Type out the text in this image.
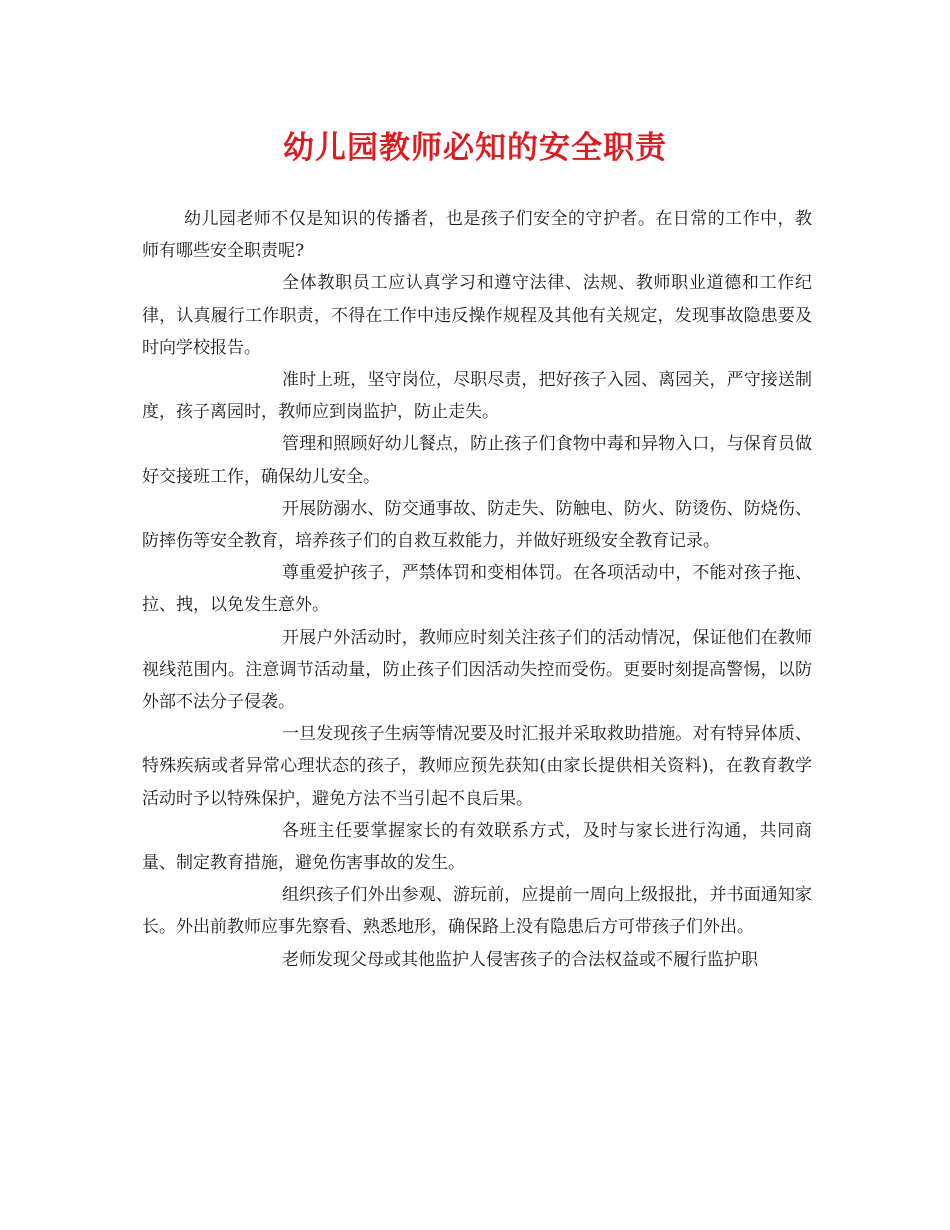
幼儿园教师必知的安全职责

幼儿园老师不仅是知识的传播者，也是孩子们安全的守护者。在日常的工作中，教师有哪些安全职责呢?

全体教职员工应认真学习和遵守法律、法规、教师职业道德和工作纪律，认真履行工作职责，不得在工作中违反操作规程及其他有关规定，发现事故隐患要及时向学校报告。

准时上班，坚守岗位，尽职尽责，把好孩子入园、离园关，严守接送制度，孩子离园时，教师应到岗监护，防止走失。

管理和照顾好幼儿餐点，防止孩子们食物中毒和异物入口，与保育员做好交接班工作，确保幼儿安全。

开展防溺水、防交通事故、防走失、防触电、防火、防烫伤、防烧伤、防摔伤等安全教育，培养孩子们的自救互救能力，并做好班级安全教育记录。

尊重爱护孩子，严禁体罚和变相体罚。在各项活动中，不能对孩子拖、拉、拽，以免发生意外。

开展户外活动时，教师应时刻关注孩子们的活动情况，保证他们在教师视线范围内。注意调节活动量，防止孩子们因活动失控而受伤。更要时刻提高警惕，以防外部不法分子侵袭。

一旦发现孩子生病等情况要及时汇报并采取救助措施。对有特异体质、特殊疾病或者异常心理状态的孩子，教师应预先获知(由家长提供相关资料)，在教育教学活动时予以特殊保护，避免方法不当引起不良后果。

各班主任要掌握家长的有效联系方式，及时与家长进行沟通，共同商量、制定教育措施，避免伤害事故的发生。

组织孩子们外出参观、游玩前，应提前一周向上级报批，并书面通知家长。外出前教师应事先察看、熟悉地形，确保路上没有隐患后方可带孩子们外出。

老师发现父母或其他监护人侵害孩子的合法权益或不履行监护职
